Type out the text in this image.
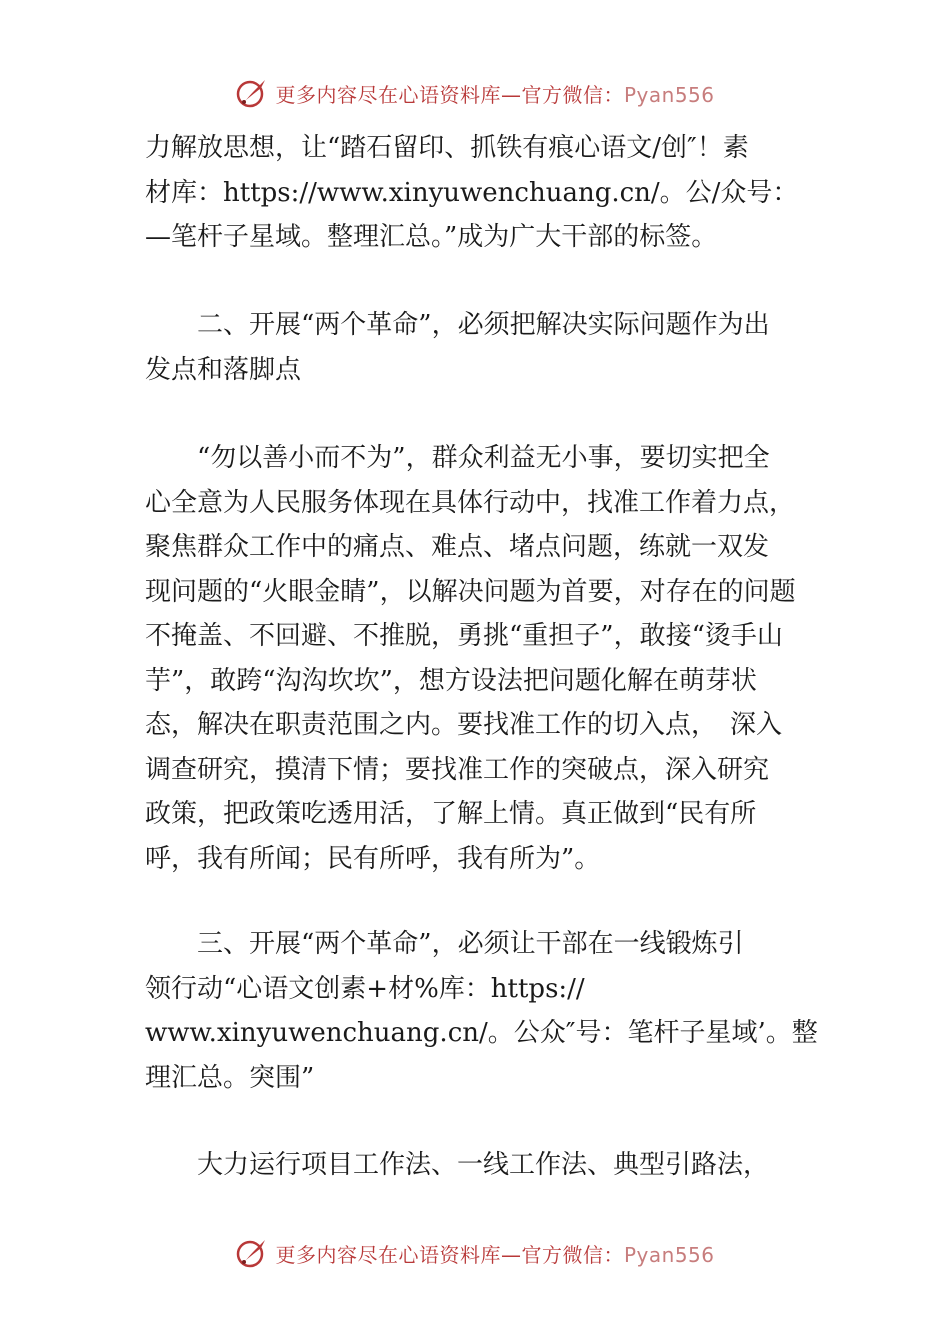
更多内容尽在心语资料库—官方微信：Pyan556
力解放思想，让“踏石留印、抓铁有痕心语文/创″！素
材库：https://www.xinyuwenchuang.cn/。公/众号：
—笔杆子星域。整理汇总。”成为广大干部的标签。
　　二、开展“两个革命”，必须把解决实际问题作为出
发点和落脚点
　　“勿以善小而不为”，群众利益无小事，要切实把全
心全意为人民服务体现在具体行动中，找准工作着力点，
聚焦群众工作中的痛点、难点、堵点问题，练就一双发
现问题的“火眼金睛”，以解决问题为首要，对存在的问题
不掩盖、不回避、不推脱，勇挑“重担子”，敢接“烫手山
芋”，敢跨“沟沟坎坎”，想方设法把问题化解在萌芽状
态，解决在职责范围之内。要找准工作的切入点，　深入
调查研究，摸清下情；要找准工作的突破点，深入研究
政策，把政策吃透用活，了解上情。真正做到“民有所
呼，我有所闻；民有所呼，我有所为”。
　　三、开展“两个革命”，必须让干部在一线锻炼引
领行动“心语文创素+材%库：https://
www.xinyuwenchuang.cn/。公众″号：笔杆子星域’。整
理汇总。突围”
　　大力运行项目工作法、一线工作法、典型引路法，
更多内容尽在心语资料库—官方微信：Pyan556
